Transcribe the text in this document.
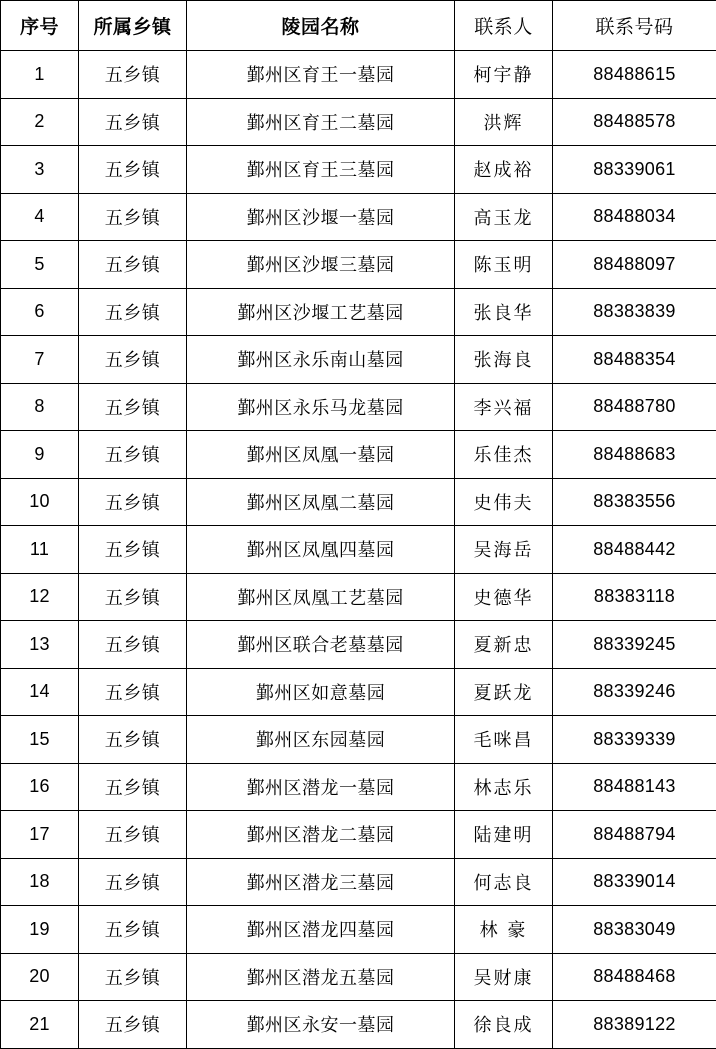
序号	所属乡镇	陵园名称	联系人	联系号码
1	五乡镇	鄞州区育王一墓园	柯宇静	88488615
2	五乡镇	鄞州区育王二墓园	洪辉	88488578
3	五乡镇	鄞州区育王三墓园	赵成裕	88339061
4	五乡镇	鄞州区沙堰一墓园	高玉龙	88488034
5	五乡镇	鄞州区沙堰三墓园	陈玉明	88488097
6	五乡镇	鄞州区沙堰工艺墓园	张良华	88383839
7	五乡镇	鄞州区永乐南山墓园	张海良	88488354
8	五乡镇	鄞州区永乐马龙墓园	李兴福	88488780
9	五乡镇	鄞州区凤凰一墓园	乐佳杰	88488683
10	五乡镇	鄞州区凤凰二墓园	史伟夫	88383556
11	五乡镇	鄞州区凤凰四墓园	吴海岳	88488442
12	五乡镇	鄞州区凤凰工艺墓园	史德华	88383118
13	五乡镇	鄞州区联合老墓墓园	夏新忠	88339245
14	五乡镇	鄞州区如意墓园	夏跃龙	88339246
15	五乡镇	鄞州区东园墓园	毛咪昌	88339339
16	五乡镇	鄞州区潜龙一墓园	林志乐	88488143
17	五乡镇	鄞州区潜龙二墓园	陆建明	88488794
18	五乡镇	鄞州区潜龙三墓园	何志良	88339014
19	五乡镇	鄞州区潜龙四墓园	林 豪	88383049
20	五乡镇	鄞州区潜龙五墓园	吴财康	88488468
21	五乡镇	鄞州区永安一墓园	徐良成	88389122
